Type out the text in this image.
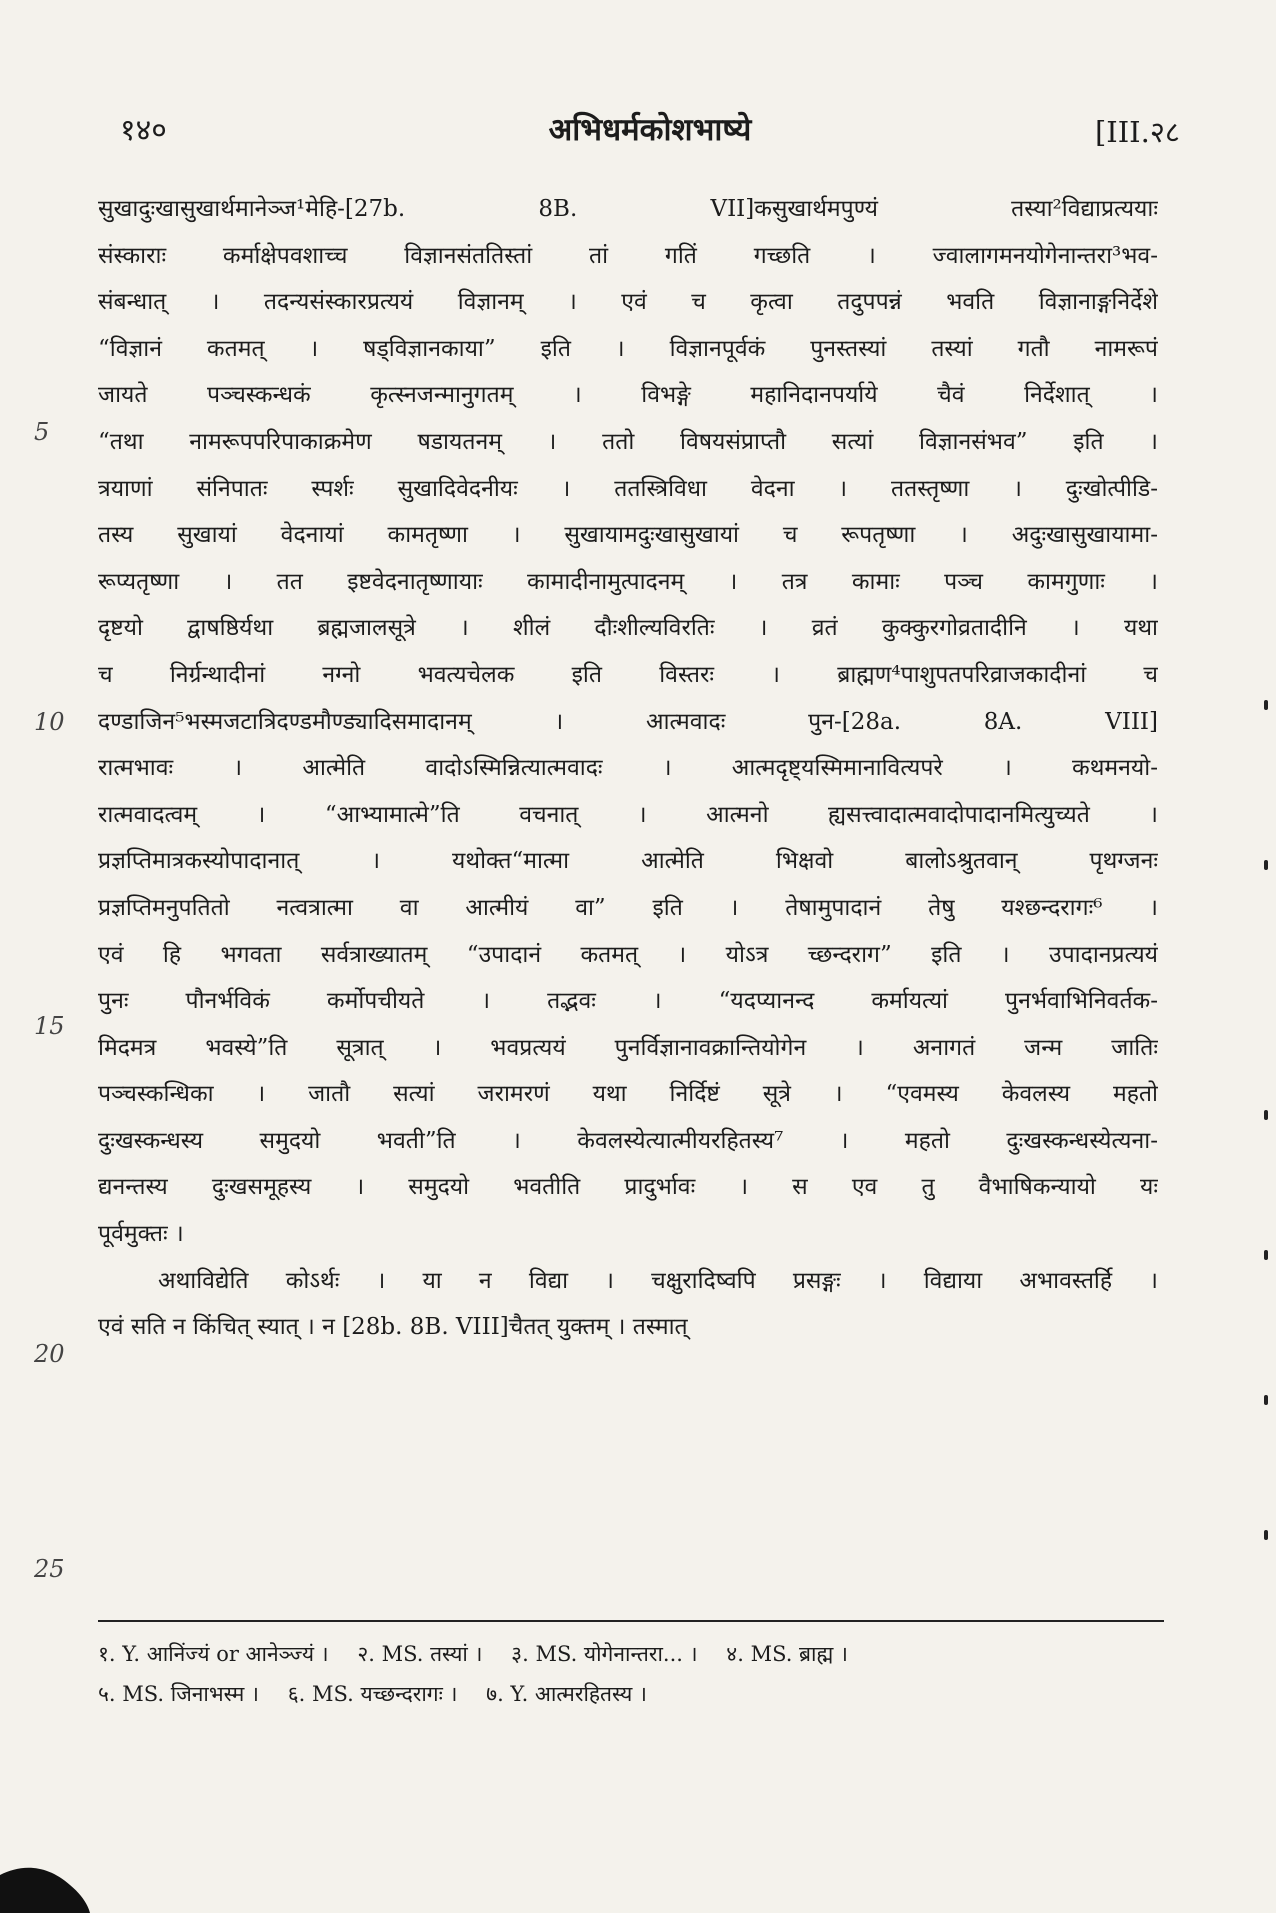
१४०	अभिधर्मकोशभाष्ये	[III.२८
सुखादुःखासुखार्थमानेञ्ज¹मेहि-[27b. 8B. VII]कसुखार्थमपुण्यं तस्या²विद्याप्रत्ययाः
संस्काराः कर्माक्षेपवशाच्च विज्ञानसंततिस्तां तां गतिं गच्छति । ज्वालागमनयोगेनान्तरा³भव-
संबन्धात् । तदन्यसंस्कारप्रत्ययं विज्ञानम् । एवं च कृत्वा तदुपपन्नं भवति विज्ञानाङ्गनिर्देशे
“विज्ञानं कतमत् । षड्विज्ञानकाया” इति । विज्ञानपूर्वकं पुनस्तस्यां तस्यां गतौ नामरूपं
जायते पञ्चस्कन्धकं कृत्स्नजन्मानुगतम् । विभङ्गे महानिदानपर्याये चैवं निर्देशात् ।
“तथा नामरूपपरिपाकाक्रमेण षडायतनम् । ततो विषयसंप्राप्तौ सत्यां विज्ञानसंभव” इति ।
त्रयाणां संनिपातः स्पर्शः सुखादिवेदनीयः । ततस्त्रिविधा वेदना । ततस्तृष्णा । दुःखोत्पीडि-
तस्य सुखायां वेदनायां कामतृष्णा । सुखायामदुःखासुखायां च रूपतृष्णा । अदुःखासुखायामा-
रूप्यतृष्णा । तत इष्टवेदनातृष्णायाः कामादीनामुत्पादनम् । तत्र कामाः पञ्च कामगुणाः ।
दृष्टयो द्वाषष्ठिर्यथा ब्रह्मजालसूत्रे । शीलं दौःशील्यविरतिः । व्रतं कुक्कुरगोव्रतादीनि । यथा
च निर्ग्रन्थादीनां नग्नो भवत्यचेलक इति विस्तरः । ब्राह्मण⁴पाशुपतपरिव्राजकादीनां च
दण्डाजिन⁵भस्मजटात्रिदण्डमौण्ड्यादिसमादानम् । आत्मवादः पुन-[28a. 8A. VIII]
रात्मभावः । आत्मेति वादोऽस्मिन्नित्यात्मवादः । आत्मदृष्ट्यस्मिमानावित्यपरे । कथमनयो-
रात्मवादत्वम् । “आभ्यामात्मे”ति वचनात् । आत्मनो ह्यसत्त्वादात्मवादोपादानमित्युच्यते ।
प्रज्ञप्तिमात्रकस्योपादानात् । यथोक्त“मात्मा आत्मेति भिक्षवो बालोऽश्रुतवान् पृथग्जनः
प्रज्ञप्तिमनुपतितो नत्वत्रात्मा वा आत्मीयं वा” इति । तेषामुपादानं तेषु यश्छन्दरागः⁶ ।
एवं हि भगवता सर्वत्राख्यातम् “उपादानं कतमत् । योऽत्र च्छन्दराग” इति । उपादानप्रत्ययं
पुनः पौनर्भविकं कर्मोपचीयते । तद्भवः । “यदप्यानन्द कर्मायत्यां पुनर्भवाभिनिवर्तक-
मिदमत्र भवस्ये”ति सूत्रात् । भवप्रत्ययं पुनर्विज्ञानावक्रान्तियोगेन । अनागतं जन्म जातिः
पञ्चस्कन्धिका । जातौ सत्यां जरामरणं यथा निर्दिष्टं सूत्रे । “एवमस्य केवलस्य महतो
दुःखस्कन्धस्य समुदयो भवती”ति । केवलस्येत्यात्मीयरहितस्य⁷ । महतो दुःखस्कन्धस्येत्यना-
द्यनन्तस्य दुःखसमूहस्य । समुदयो भवतीति प्रादुर्भावः । स एव तु वैभाषिकन्यायो यः
पूर्वमुक्तः ।
अथाविद्येति कोऽर्थः । या न विद्या । चक्षुरादिष्वपि प्रसङ्गः । विद्याया अभावस्तर्हि ।
एवं सति न किंचित् स्यात् । न [28b. 8B. VIII]चैतत् युक्तम् । तस्मात्
5
10
15
20
25
१. Y. आनिंज्यं or आनेञ्ज्यं । २. MS. तस्यां । ३. MS. योगेनान्तरा... । ४. MS. ब्राह्म ।
५. MS. जिनाभस्म । ६. MS. यच्छन्दरागः । ७. Y. आत्मरहितस्य ।
